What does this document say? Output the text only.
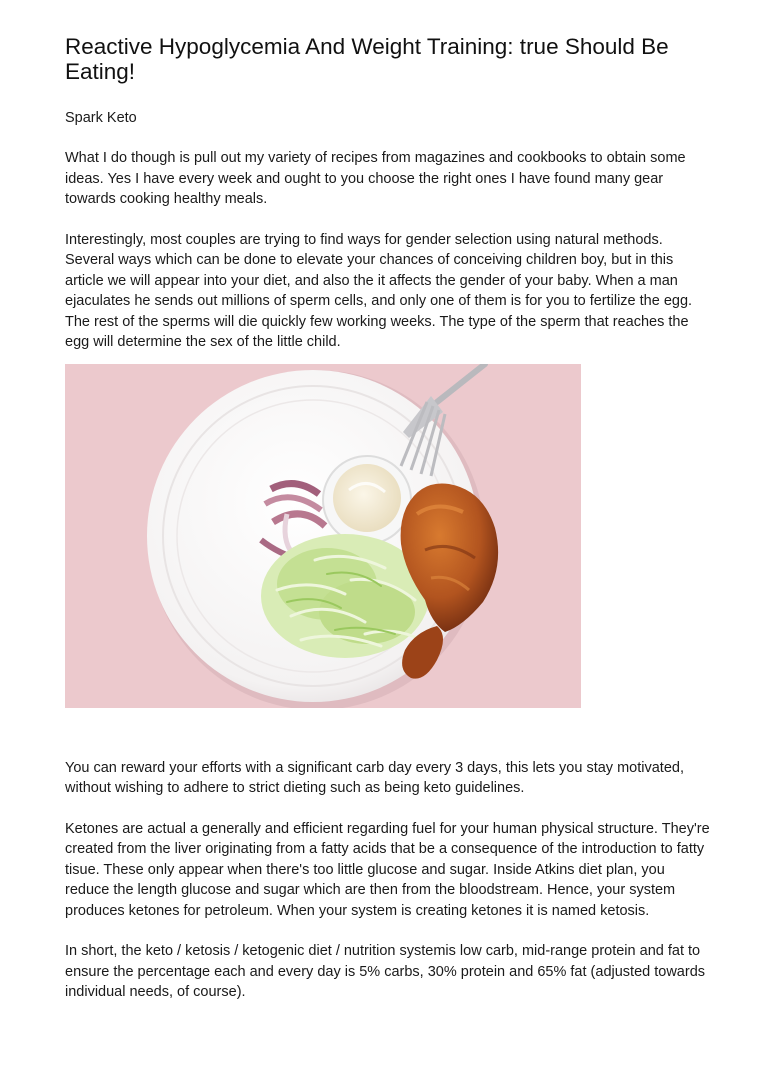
Reactive Hypoglycemia And Weight Training: true Should Be Eating!

Spark Keto

What I do though is pull out my variety of recipes from magazines and cookbooks to obtain some ideas. Yes I have every week and ought to you choose the right ones I have found many gear towards cooking healthy meals.

Interestingly, most couples are trying to find ways for gender selection using natural methods. Several ways which can be done to elevate your chances of conceiving children boy, but in this article we will appear into your diet, and also the it affects the gender of your baby. When a man ejaculates he sends out millions of sperm cells, and only one of them is for you to fertilize the egg. The rest of the sperms will die quickly few working weeks. The type of the sperm that reaches the egg will determine the sex of the little child.

You can reward your efforts with a significant carb day every 3 days, this lets you stay motivated, without wishing to adhere to strict dieting such as being keto guidelines.

Ketones are actual a generally and efficient regarding fuel for your human physical structure. They're created from the liver originating from a fatty acids that be a consequence of the introduction to fatty tisue. These only appear when there's too little glucose and sugar. Inside Atkins diet plan, you reduce the length glucose and sugar which are then from the bloodstream. Hence, your system produces ketones for petroleum. When your system is creating ketones it is named ketosis.

In short, the keto / ketosis / ketogenic diet / nutrition systemis low carb, mid-range protein and fat to ensure the percentage each and every day is 5% carbs, 30% protein and 65% fat (adjusted towards individual needs, of course).
